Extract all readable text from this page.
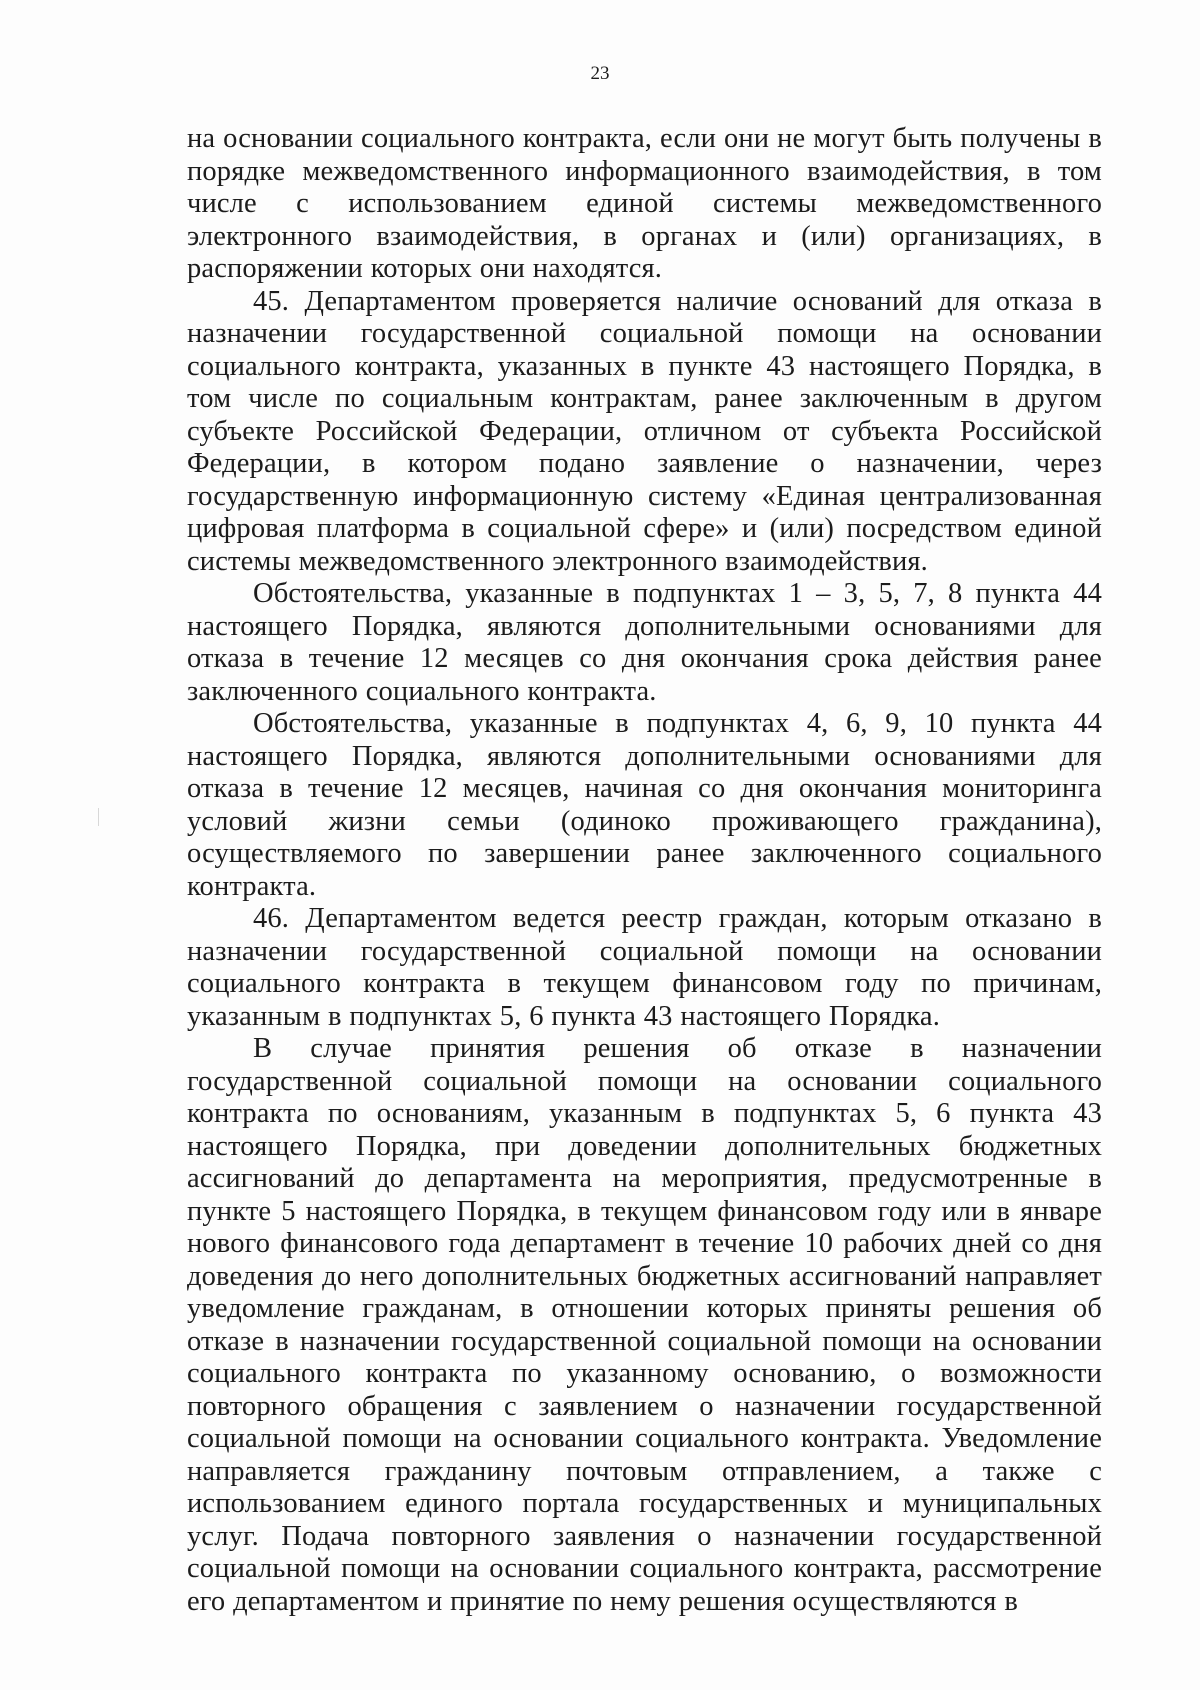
23

на основании социального контракта, если они не могут быть получены в порядке межведомственного информационного взаимодействия, в том числе с использованием единой системы межведомственного электронного взаимодействия, в органах и (или) организациях, в распоряжении которых они находятся.

45. Департаментом проверяется наличие оснований для отказа в назначении государственной социальной помощи на основании социального контракта, указанных в пункте 43 настоящего Порядка, в том числе по социальным контрактам, ранее заключенным в другом субъекте Российской Федерации, отличном от субъекта Российской Федерации, в котором подано заявление о назначении, через государственную информационную систему «Единая централизованная цифровая платформа в социальной сфере» и (или) посредством единой системы межведомственного электронного взаимодействия.

Обстоятельства, указанные в подпунктах 1 – 3, 5, 7, 8 пункта 44 настоящего Порядка, являются дополнительными основаниями для отказа в течение 12 месяцев со дня окончания срока действия ранее заключенного социального контракта.

Обстоятельства, указанные в подпунктах 4, 6, 9, 10 пункта 44 настоящего Порядка, являются дополнительными основаниями для отказа в течение 12 месяцев, начиная со дня окончания мониторинга условий жизни семьи (одиноко проживающего гражданина), осуществляемого по завершении ранее заключенного социального контракта.

46. Департаментом ведется реестр граждан, которым отказано в назначении государственной социальной помощи на основании социального контракта в текущем финансовом году по причинам, указанным в подпунктах 5, 6 пункта 43 настоящего Порядка.

В случае принятия решения об отказе в назначении государственной социальной помощи на основании социального контракта по основаниям, указанным в подпунктах 5, 6 пункта 43 настоящего Порядка, при доведении дополнительных бюджетных ассигнований до департамента на мероприятия, предусмотренные в пункте 5 настоящего Порядка, в текущем финансовом году или в январе нового финансового года департамент в течение 10 рабочих дней со дня доведения до него дополнительных бюджетных ассигнований направляет уведомление гражданам, в отношении которых приняты решения об отказе в назначении государственной социальной помощи на основании социального контракта по указанному основанию, о возможности повторного обращения с заявлением о назначении государственной социальной помощи на основании социального контракта. Уведомление направляется гражданину почтовым отправлением, а также с использованием единого портала государственных и муниципальных услуг. Подача повторного заявления о назначении государственной социальной помощи на основании социального контракта, рассмотрение его департаментом и принятие по нему решения осуществляются в
